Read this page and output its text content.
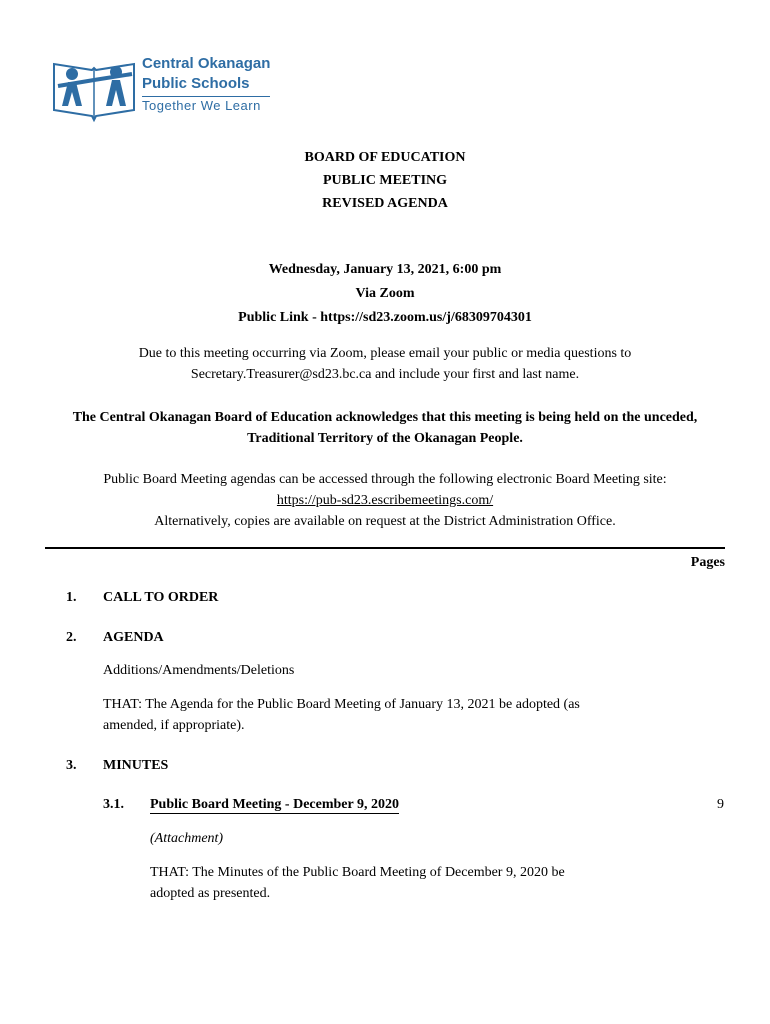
Central Okanagan
Public Schools
Together We Learn
BOARD OF EDUCATION
PUBLIC MEETING
REVISED AGENDA
Wednesday, January 13, 2021, 6:00 pm
Via Zoom
Public Link - https://sd23.zoom.us/j/68309704301
Due to this meeting occurring via Zoom, please email your public or media questions to
Secretary.Treasurer@sd23.bc.ca and include your first and last name.
The Central Okanagan Board of Education acknowledges that this meeting is being held on the unceded,
Traditional Territory of the Okanagan People.
Public Board Meeting agendas can be accessed through the following electronic Board Meeting site:
https://pub-sd23.escribemeetings.com/
Alternatively, copies are available on request at the District Administration Office.
Pages
1. CALL TO ORDER
2. AGENDA
Additions/Amendments/Deletions
THAT: The Agenda for the Public Board Meeting of January 13, 2021 be adopted (as
amended, if appropriate).
3. MINUTES
3.1. Public Board Meeting - December 9, 2020	9
(Attachment)
THAT: The Minutes of the Public Board Meeting of December 9, 2020 be
adopted as presented.
